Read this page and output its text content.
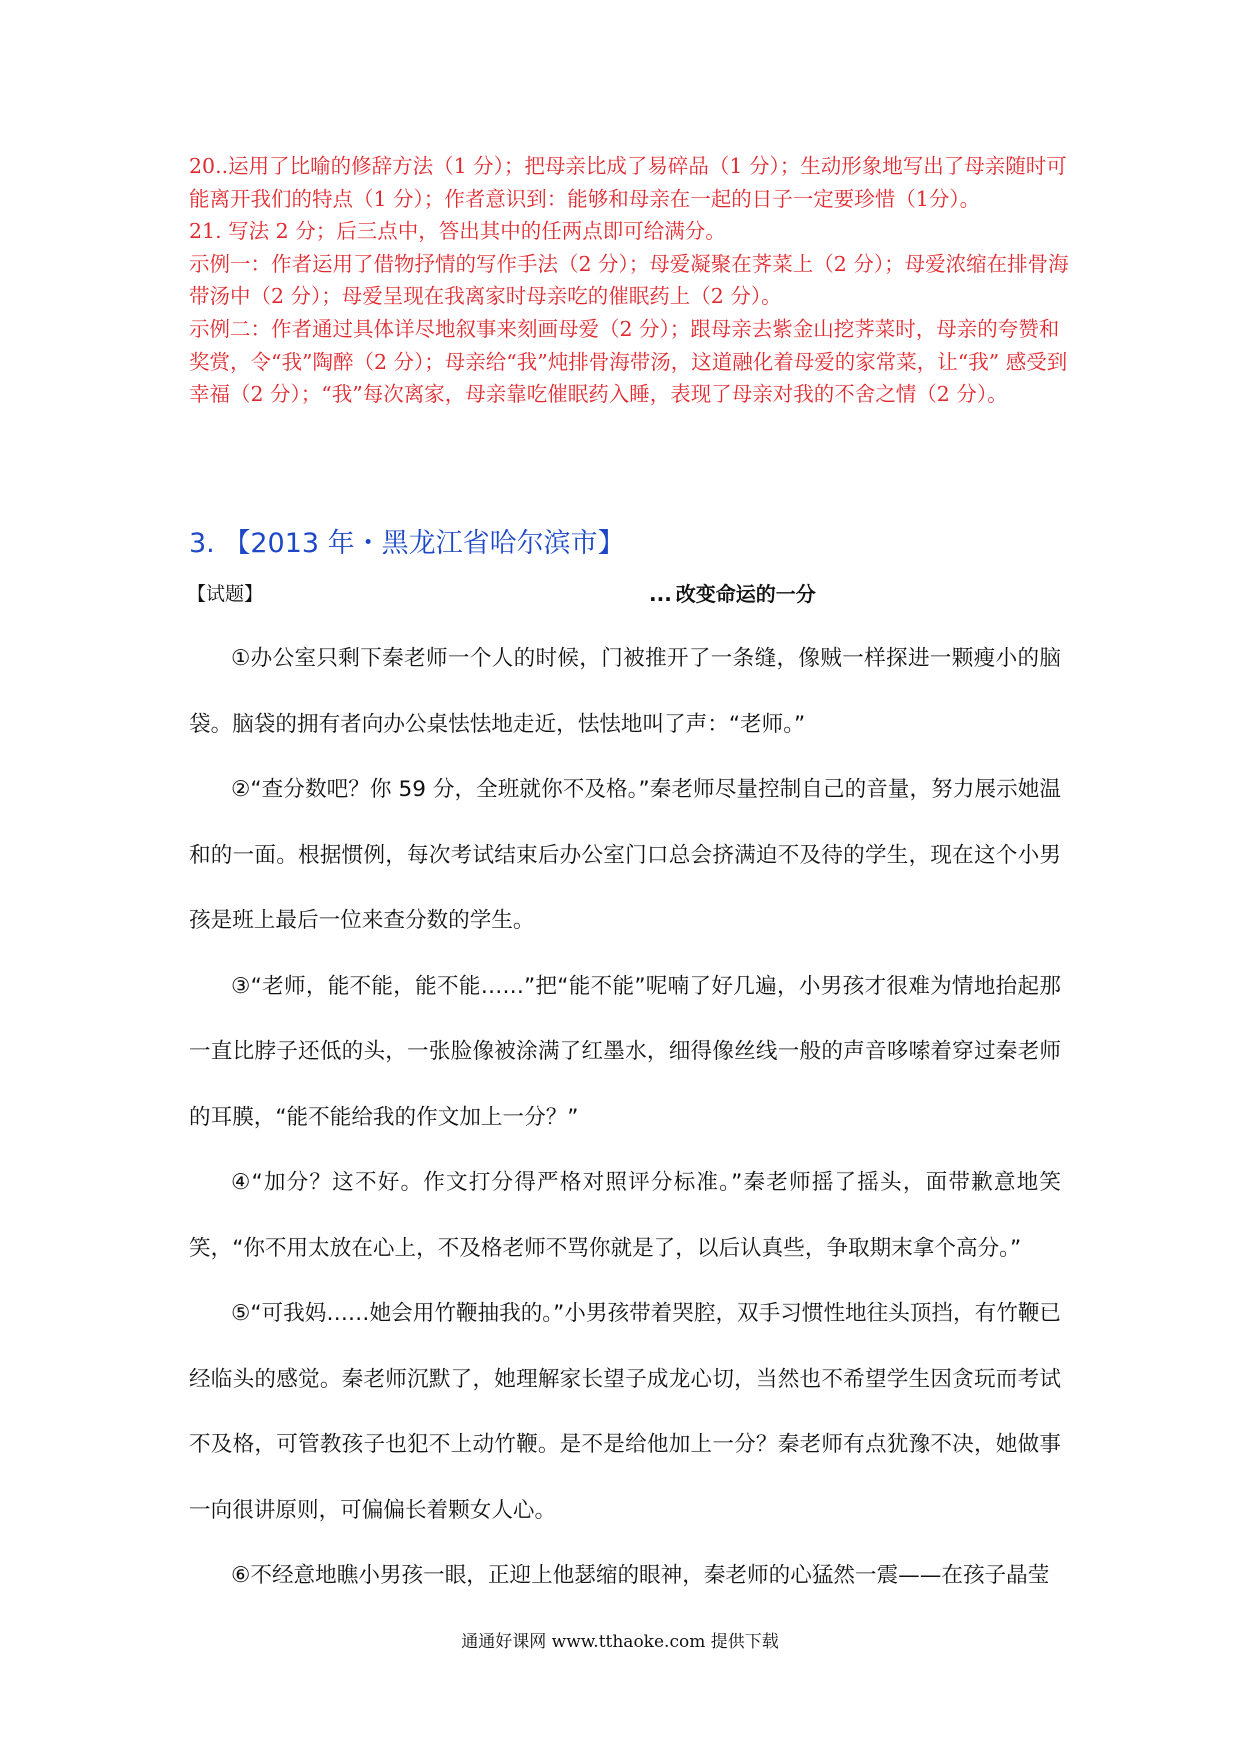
20..运用了比喻的修辞方法（1 分）；把母亲比成了易碎品（1 分）；生动形象地写出了母亲随时可能离开我们的特点（1 分）；作者意识到：能够和母亲在一起的日子一定要珍惜（1分）。

21. 写法 2 分；后三点中，答出其中的任两点即可给满分。

示例一：作者运用了借物抒情的写作手法（2 分）；母爱凝聚在荠菜上（2 分）；母爱浓缩在排骨海带汤中（2 分）；母爱呈现在我离家时母亲吃的催眠药上（2 分）。

示例二：作者通过具体详尽地叙事来刻画母爱（2 分）；跟母亲去紫金山挖荠菜时，母亲的夸赞和奖赏，令“我”陶醉（2 分）；母亲给“我”炖排骨海带汤，这道融化着母爱的家常菜，让“我” 感受到幸福（2 分）；“我”每次离家，母亲靠吃催眠药入睡，表现了母亲对我的不舍之情（2 分）。

3. 【2013 年・黑龙江省哈尔滨市】
【试题】	... 改变命运的一分

①办公室只剩下秦老师一个人的时候，门被推开了一条缝，像贼一样探进一颗瘦小的脑袋。脑袋的拥有者向办公桌怯怯地走近，怯怯地叫了声：“老师。”

②“查分数吧？你 59 分，全班就你不及格。”秦老师尽量控制自己的音量，努力展示她温和的一面。根据惯例，每次考试结束后办公室门口总会挤满迫不及待的学生，现在这个小男孩是班上最后一位来查分数的学生。

③“老师，能不能，能不能……”把“能不能”呢喃了好几遍，小男孩才很难为情地抬起那一直比脖子还低的头，一张脸像被涂满了红墨水，细得像丝线一般的声音哆嗦着穿过秦老师的耳膜，“能不能给我的作文加上一分？”

④“加分？这不好。作文打分得严格对照评分标准。”秦老师摇了摇头，面带歉意地笑笑，“你不用太放在心上，不及格老师不骂你就是了，以后认真些，争取期末拿个高分。”

⑤“可我妈……她会用竹鞭抽我的。”小男孩带着哭腔，双手习惯性地往头顶挡，有竹鞭已经临头的感觉。秦老师沉默了，她理解家长望子成龙心切，当然也不希望学生因贪玩而考试不及格，可管教孩子也犯不上动竹鞭。是不是给他加上一分？秦老师有点犹豫不决，她做事一向很讲原则，可偏偏长着颗女人心。

⑥不经意地瞧小男孩一眼，正迎上他瑟缩的眼神，秦老师的心猛然一震——在孩子晶莹

通通好课网 www.tthaoke.com 提供下载
